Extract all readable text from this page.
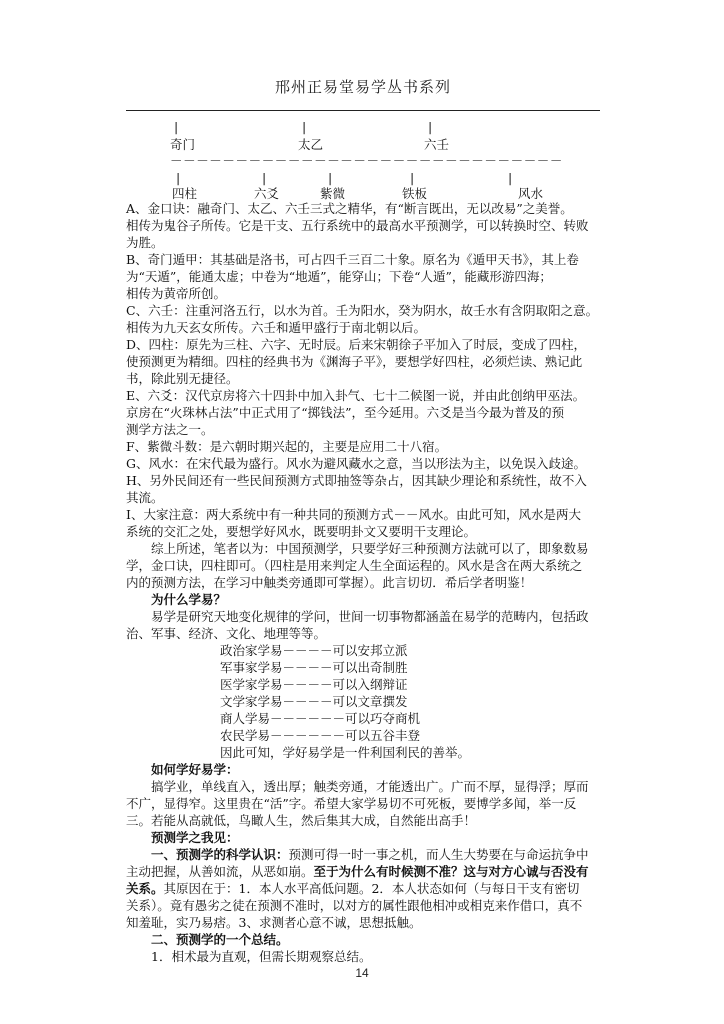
邢州正易堂易学丛书系列
|	|	|
奇门	太乙	六壬
－－－－－－－－－－－－－－－－－－－－－－－－－－－－－－
|	|	|	|	|
四柱	六爻	紫微	铁板	风水
A、金口诀：融奇门、太乙、六壬三式之精华，有“断言既出，无以改易”之美誉。
相传为鬼谷子所传。它是干支、五行系统中的最高水平预测学，可以转换时空、转败
为胜。
B、奇门遁甲：其基础是洛书，可占四千三百二十象。原名为《遁甲天书》，其上卷
为“天遁”，能通太虚；中卷为“地遁”，能穿山；下卷“人遁”，能藏形游四海；
相传为黄帝所创。
C、六壬：注重河洛五行，以水为首。壬为阳水，癸为阴水，故壬水有含阴取阳之意。
相传为九天玄女所传。六壬和遁甲盛行于南北朝以后。
D、四柱：原先为三柱、六字、无时辰。后来宋朝徐子平加入了时辰，变成了四柱，
使预测更为精细。四柱的经典书为《渊海子平》，要想学好四柱，必须烂读、熟记此
书，除此别无捷径。
E、六爻：汉代京房将六十四卦中加入卦气、七十二候图一说，并由此创纳甲巫法。
京房在“火珠林占法”中正式用了“掷钱法”，至今延用。六爻是当今最为普及的预
测学方法之一。
F、紫微斗数：是六朝时期兴起的，主要是应用二十八宿。
G、风水：在宋代最为盛行。风水为避风藏水之意，当以形法为主，以免误入歧途。
H、另外民间还有一些民间预测方式即抽签等杂占，因其缺少理论和系统性，故不入
其流。
I、大家注意：两大系统中有一种共同的预测方式－－风水。由此可知，风水是两大
系统的交汇之处，要想学好风水，既要明卦文又要明干支理论。
综上所述，笔者以为：中国预测学，只要学好三种预测方法就可以了，即象数易
学，金口诀，四柱即可。（四柱是用来判定人生全面运程的。风水是含在两大系统之
内的预测方法，在学习中触类旁通即可掌握）。此言切切．希后学者明鉴！
为什么学易？
易学是研究天地变化规律的学问，世间一切事物都涵盖在易学的范畴内，包括政
治、军事、经济、文化、地理等等。
政治家学易－－－－可以安邦立派
军事家学易－－－－可以出奇制胜
医学家学易－－－－可以入纲辩证
文学家学易－－－－可以文章撰发
商人学易－－－－－－可以巧夺商机
农民学易－－－－－－可以五谷丰登
因此可知，学好易学是一件利国利民的善举。
如何学好易学：
搞学业，单线直入，透出厚；触类旁通，才能透出广。广而不厚，显得浮；厚而
不广，显得窄。这里贵在“活”字。希望大家学易切不可死板，要博学多闻，举一反
三。若能从高就低，鸟瞰人生，然后集其大成，自然能出高手！
预测学之我见：
一、预测学的科学认识：预测可得一时一事之机，而人生大势要在与命运抗争中
主动把握，从善如流，从恶如崩。至于为什么有时候测不准？这与对方心诚与否没有
关系。其原因在于：1．本人水平高低问题。2．本人状态如何（与每日干支有密切
关系）。竟有愚劣之徒在预测不准时，以对方的属性跟他相冲或相克来作借口，真不
知羞耻，实乃易痞。3、求测者心意不诚，思想抵触。
二、预测学的一个总结。
1．相术最为直观，但需长期观察总结。
14
